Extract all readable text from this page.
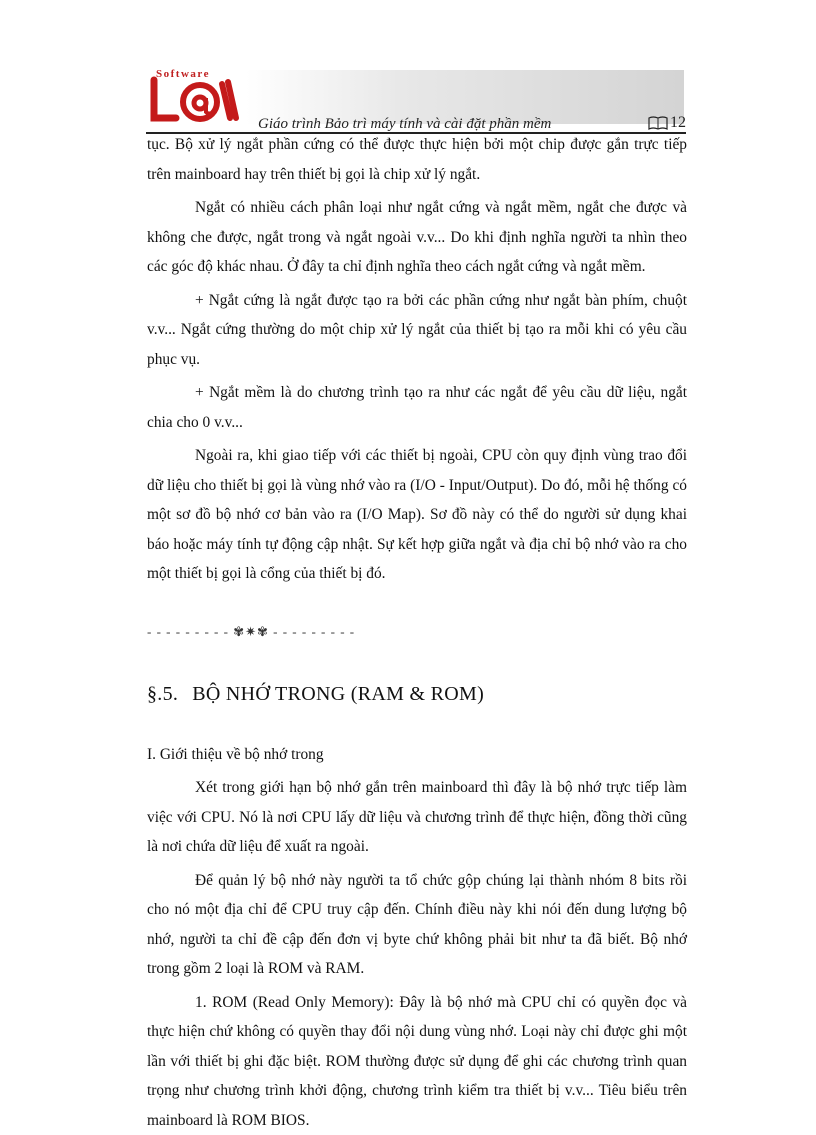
Software
Giáo trình Bảo trì máy tính và cài đặt phần mềm	12

tục. Bộ xử lý ngắt phần cứng có thể được thực hiện bởi một chip được gắn trực tiếp trên mainboard hay trên thiết bị gọi là chip xử lý ngắt.

Ngắt có nhiều cách phân loại như ngắt cứng và ngắt mềm, ngắt che được và không che được, ngắt trong và ngắt ngoài v.v... Do khi định nghĩa người ta nhìn theo các góc độ khác nhau. Ở đây ta chỉ định nghĩa theo cách ngắt cứng và ngắt mềm.

+ Ngắt cứng là ngắt được tạo ra bởi các phần cứng như ngắt bàn phím, chuột v.v... Ngắt cứng thường do một chip xử lý ngắt của thiết bị tạo ra mỗi khi có yêu cầu phục vụ.

+ Ngắt mềm là do chương trình tạo ra như các ngắt để yêu cầu dữ liệu, ngắt chia cho 0 v.v...

Ngoài ra, khi giao tiếp với các thiết bị ngoài, CPU còn quy định vùng trao đổi dữ liệu cho thiết bị gọi là vùng nhớ vào ra (I/O - Input/Output). Do đó, mỗi hệ thống có một sơ đồ bộ nhớ cơ bản vào ra (I/O Map). Sơ đồ này có thể do người sử dụng khai báo hoặc máy tính tự động cập nhật. Sự kết hợp giữa ngắt và địa chỉ bộ nhớ vào ra cho một thiết bị gọi là cổng của thiết bị đó.

- - - - - - - - - ✾✷✾ - - - - - - - - -

§.5. BỘ NHỚ TRONG (RAM & ROM)

I. Giới thiệu về bộ nhớ trong

Xét trong giới hạn bộ nhớ gắn trên mainboard thì đây là bộ nhớ trực tiếp làm việc với CPU. Nó là nơi CPU lấy dữ liệu và chương trình để thực hiện, đồng thời cũng là nơi chứa dữ liệu để xuất ra ngoài.

Để quản lý bộ nhớ này người ta tổ chức gộp chúng lại thành nhóm 8 bits rồi cho nó một địa chỉ để CPU truy cập đến. Chính điều này khi nói đến dung lượng bộ nhớ, người ta chỉ đề cập đến đơn vị byte chứ không phải bit như ta đã biết. Bộ nhớ trong gồm 2 loại là ROM và RAM.

1. ROM (Read Only Memory): Đây là bộ nhớ mà CPU chỉ có quyền đọc và thực hiện chứ không có quyền thay đổi nội dung vùng nhớ. Loại này chỉ được ghi một lần với thiết bị ghi đặc biệt. ROM thường được sử dụng để ghi các chương trình quan trọng như chương trình khởi động, chương trình kiểm tra thiết bị v.v... Tiêu biểu trên mainboard là ROM BIOS.
